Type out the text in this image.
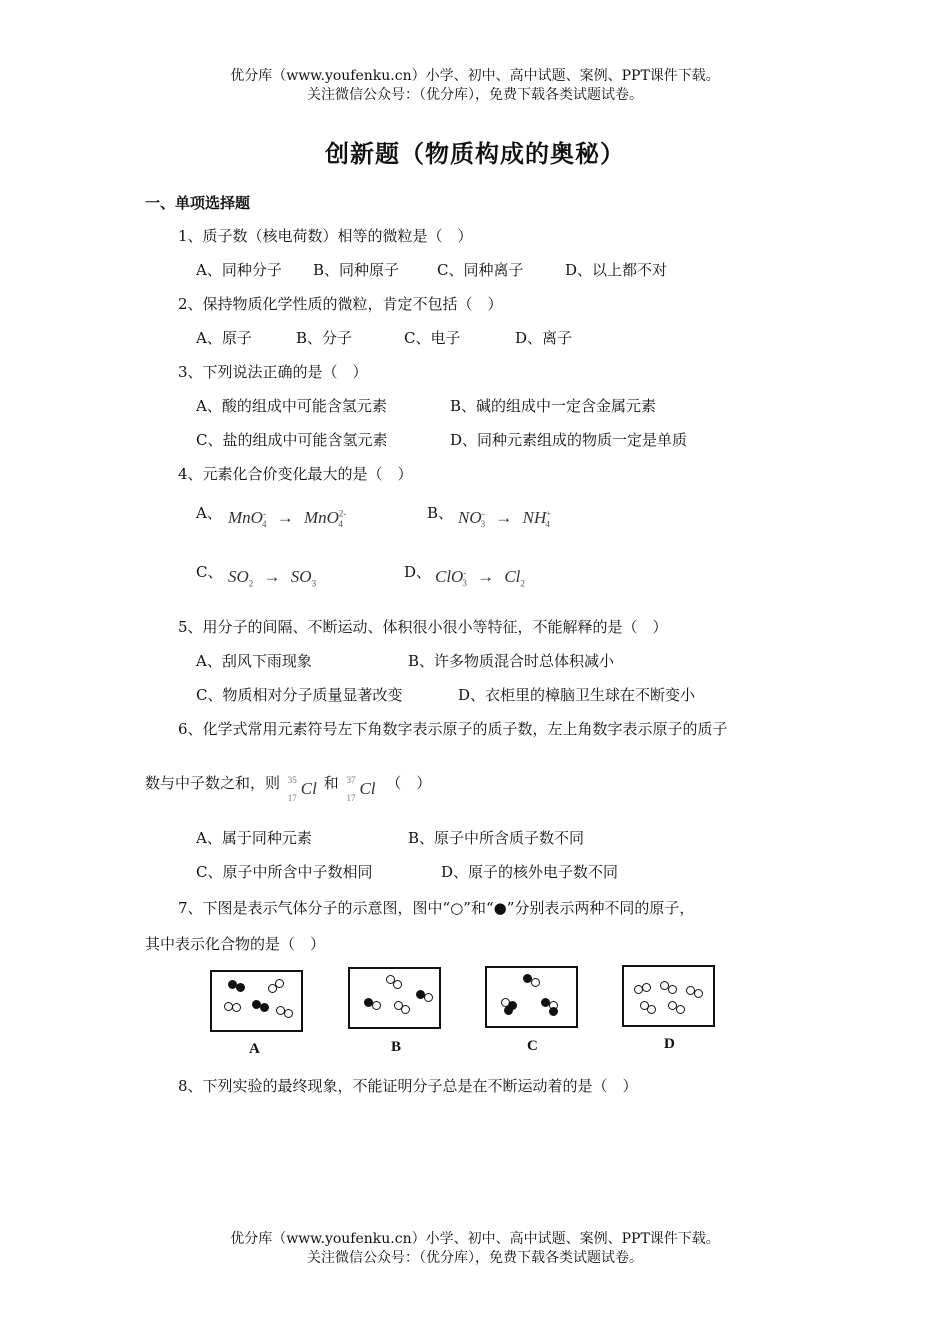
优分库（www.youfenku.cn）小学、初中、高中试题、案例、PPT课件下载。
关注微信公众号：（优分库），免费下载各类试题试卷。
创新题（物质构成的奥秘）
一、单项选择题
1、质子数（核电荷数）相等的微粒是（　）
A、同种分子 B、同种原子	C、同种离子	D、以上都不对
2、保持物质化学性质的微粒，肯定不包括（　）
A、原子	B、分子	C、电子	D、离子
3、下列说法正确的是（　）
A、酸的组成中可能含氢元素	B、碱的组成中一定含金属元素
C、盐的组成中可能含氢元素	D、同种元素组成的物质一定是单质
4、元素化合价变化最大的是（　）
A、 MnO-$_4$ → MnO$^{2-}_4$
B、 $NO^-_3 \to NH^+_4$
C、 $SO_2 \to SO_3$
D、 $ClO^-_3 \to Cl_2$
5、用分子的间隔、不断运动、体积很小很小等特征，不能解释的是（　）
A、刮风下雨现象	B、许多物质混合时总体积减小
C、物质相对分子质量显著改变	D、衣柜里的樟脑卫生球在不断变小
6、化学式常用元素符号左下角数字表示原子的质子数，左上角数字表示原子的质子
数与中子数之和，则 35
17 Cl 和 37
17 Cl （　）
A、属于同种元素	B、原子中所含质子数不同
C、原子中所含中子数相同	D、原子的核外电子数不同
7、下图是表示气体分子的示意图，图中“○”和“●”分别表示两种不同的原子，
其中表示化合物的是（　）
A	B	C	D
8、下列实验的最终现象，不能证明分子总是在不断运动着的是（　）
优分库（www.youfenku.cn）小学、初中、高中试题、案例、PPT课件下载。
关注微信公众号：（优分库），免费下载各类试题试卷。
